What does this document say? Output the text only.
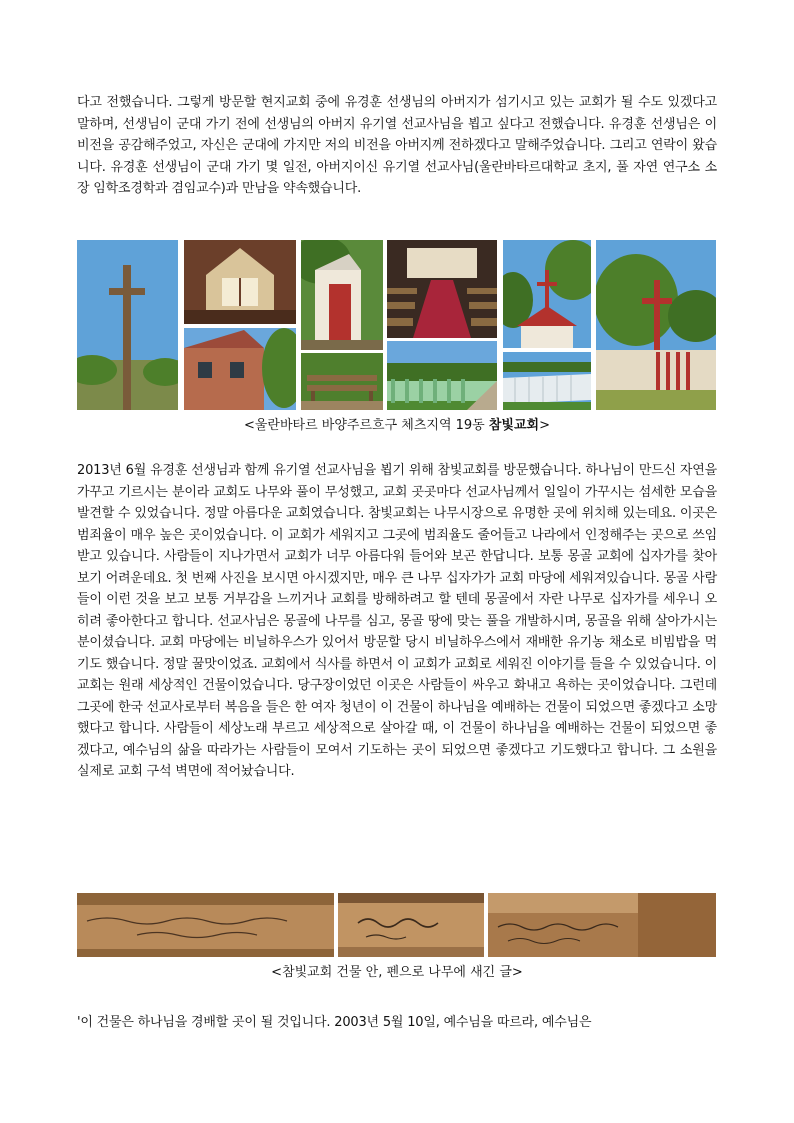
다고 전했습니다. 그렇게 방문할 현지교회 중에 유경훈 선생님의 아버지가 섬기시고 있는 교회가 될 수도 있겠다고 말하며, 선생님이 군대 가기 전에 선생님의 아버지 유기열 선교사님을 뵙고 싶다고 전했습니다. 유경훈 선생님은 이 비전을 공감해주었고, 자신은 군대에 가지만 저의 비전을 아버지께 전하겠다고 말해주었습니다. 그리고 연락이 왔습니다. 유경훈 선생님이 군대 가기 몇 일전, 아버지이신 유기열 선교사님(울란바타르대학교 초지, 풀 자연 연구소 소장 임학조경학과 겸임교수)과 만남을 약속했습니다.

<울란바타르 바양주르흐구 체츠지역 19동 참빛교회>

2013년 6월 유경훈 선생님과 함께 유기열 선교사님을 뵙기 위해 참빛교회를 방문했습니다. 하나님이 만드신 자연을 가꾸고 기르시는 분이라 교회도 나무와 풀이 무성했고, 교회 곳곳마다 선교사님께서 일일이 가꾸시는 섬세한 모습을 발견할 수 있었습니다. 정말 아름다운 교회였습니다. 참빛교회는 나무시장으로 유명한 곳에 위치해 있는데요. 이곳은 범죄율이 매우 높은 곳이었습니다. 이 교회가 세워지고 그곳에 범죄율도 줄어들고 나라에서 인정해주는 곳으로 쓰임받고 있습니다. 사람들이 지나가면서 교회가 너무 아름다워 들어와 보곤 한답니다. 보통 몽골 교회에 십자가를 찾아보기 어려운데요. 첫 번째 사진을 보시면 아시겠지만, 매우 큰 나무 십자가가 교회 마당에 세워져있습니다. 몽골 사람들이 이런 것을 보고 보통 거부감을 느끼거나 교회를 방해하려고 할 텐데 몽골에서 자란 나무로 십자가를 세우니 오히려 좋아한다고 합니다. 선교사님은 몽골에 나무를 심고, 몽골 땅에 맞는 풀을 개발하시며, 몽골을 위해 살아가시는 분이셨습니다. 교회 마당에는 비닐하우스가 있어서 방문할 당시 비닐하우스에서 재배한 유기농 채소로 비빔밥을 먹기도 했습니다. 정말 꿀맛이었죠. 교회에서 식사를 하면서 이 교회가 교회로 세워진 이야기를 들을 수 있었습니다. 이 교회는 원래 세상적인 건물이었습니다. 당구장이었던 이곳은 사람들이 싸우고 화내고 욕하는 곳이었습니다. 그런데 그곳에 한국 선교사로부터 복음을 들은 한 여자 청년이 이 건물이 하나님을 예배하는 건물이 되었으면 좋겠다고 소망했다고 합니다. 사람들이 세상노래 부르고 세상적으로 살아갈 때, 이 건물이 하나님을 예배하는 건물이 되었으면 좋겠다고, 예수님의 삶을 따라가는 사람들이 모여서 기도하는 곳이 되었으면 좋겠다고 기도했다고 합니다. 그 소원을 실제로 교회 구석 벽면에 적어놨습니다.

<참빛교회 건물 안, 펜으로 나무에 새긴 글>

'이 건물은 하나님을 경배할 곳이 될 것입니다. 2003년 5월 10일, 예수님을 따르라, 예수님은
